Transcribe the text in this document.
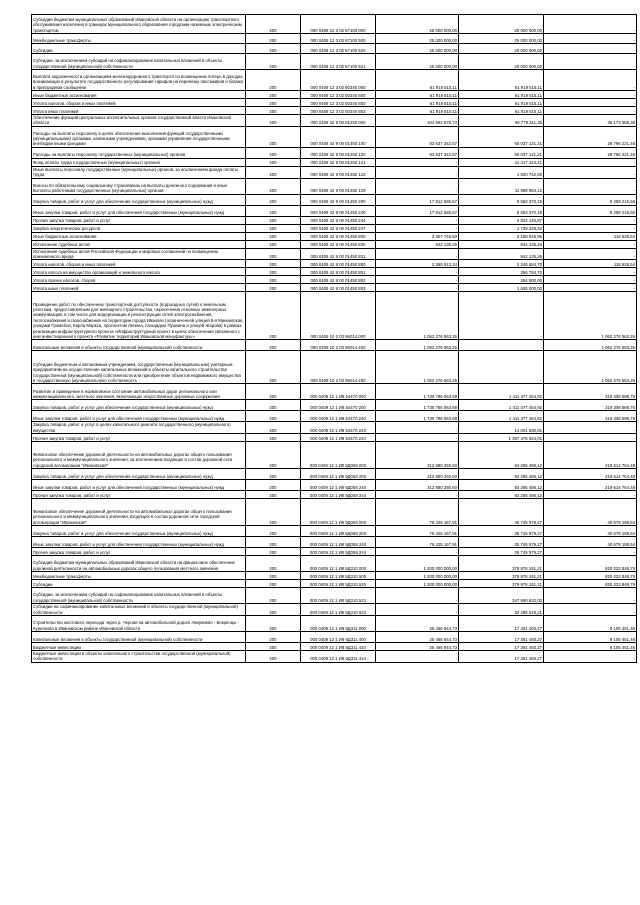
Субсидии бюджетам муниципальных образований Ивановской области на организацию транспортного обслуживания населения в границах муниципального образования городским наземным электрическим транспортом	200	000 0408 12 3 02 67100 000	25 000 000,00	25 000 000,00	-
Межбюджетные трансферты	200	000 0408 12 3 02 67100 500	25 000 000,00	25 000 000,00	-
Субсидии	200	000 0408 12 3 02 67100 520	25 000 000,00	25 000 000,00	-
Субсидии, за исключением субсидий на софинансирование капитальных вложений в объекты государственной (муниципальной) собственности	200	000 0408 12 3 02 67100 521	25 000 000,00	25 000 000,00	-
Выплата задолженности организациям железнодорожного транспорта по возмещению потерь в доходах, возникающих в результате государственного регулирования тарифов на перевозку пассажиров и багажа в пригородном сообщении	200	000 0408 12 3 02 60340 000	61 919 515,11	61 919 515,11	-
Иные бюджетные ассигнования	200	000 0408 12 3 02 60340 800	61 919 515,11	61 919 515,11	-
Уплата налогов, сборов и иных платежей	200	000 0408 12 3 02 60340 850	61 919 515,11	61 919 515,11	-
Уплата иных платежей	200	000 0408 12 3 02 60340 853	61 919 515,11	61 919 515,11	-
Обеспечение функций центральных исполнительных органов государственной власти Ивановской области	200	000 0408 42 9 00 01450 000	104 952 676,74	68 779 311,36	36 173 365,38
Расходы на выплаты персоналу в целях обеспечения выполнения функций государственными (муниципальными) органами, казенными учреждениями, органами управления государственными внебюджетными фондами	200	000 0408 42 9 00 01450 100	83 637 342,67	55 037 121,21	28 796 221,46
Расходы на выплаты персоналу государственных (муниципальных) органов	200	000 0408 42 9 00 01450 120	83 637 342,67	55 037 121,21	28 796 221,46
Фонд оплаты труда государственных (муниципальных) органов	200	000 0408 42 9 00 01450 121	-	41 417 424,41	-
Иные выплаты персоналу государственных (муниципальных) органов, за исключением фонда оплаты труда	200	000 0408 42 9 00 01450 122	-	1 620 742,56	-
Взносы по обязательному социальному страхованию на выплаты денежного содержания и иные выплаты работникам государственных (муниципальных) органов	200	000 0408 42 9 00 01450 129	-	11 998 954,12	-
Закупка товаров, работ и услуг для обеспечения государственных (муниципальных) нужд	200	000 0408 42 9 00 01450 200	17 812 585,57	8 553 370,19	9 259 215,58
Иные закупки товаров, работ и услуг для обеспечения государственных (муниципальных) нужд	200	000 0408 42 9 00 01450 240	17 812 585,57	8 553 370,19	9 259 215,58
Прочая закупка товаров, работ и услуг	200	000 0408 42 9 00 01450 244	-	6 824 140,87	-
Закупка энергетических ресурсов	200	000 0408 42 9 00 01450 247	-	1 729 229,32	-
Иные бюджетные ассигнования	200	000 0408 42 9 00 01450 800	3 307 748,50	3 188 819,96	118 928,54
Исполнение судебных актов	200	000 0408 42 9 00 01450 830	942 135,26	942 135,26	-
Исполнение судебных актов Российской Федерации и мировых соглашений по возмещению причиненного вреда	200	000 0408 42 9 00 01450 831	-	942 135,26	-
Уплата налогов, сборов и иных платежей	200	000 0408 42 9 00 01450 850	2 365 613,24	2 246 684,70	118 928,54
Уплата налога на имущество организаций и земельного налога	200	000 0408 42 9 00 01450 851	-	356 784,70	-
Уплата прочих налогов, сборов	200	000 0408 42 9 00 01450 852	-	254 900,00	-
Уплата иных платежей	200	000 0408 42 9 00 01450 853	-	1 635 000,00	-
Проведение работ по обеспечению транспортной доступности (подъездных путей) к земельным участкам, предоставленным для жилищного строительства, пересечения основных инженерных коммуникаций, в том числе для модернизации и реконструкции сетей электроснабжения, теплоснабжения и газоснабжения на территории города Иваново (ограниченной улицей 8-я Минеевская, улицами Громобоя, Карла Маркса, проспектом Ленина, площадью Пушкина и улицей Жарова) в рамках реализации инфраструктурного проекта «Инфраструктурный проект в целях обеспечения связанного с ним инвестиционного проекта «Развитие территорий Ивановской мануфактуры»	200	000 0409 10 2 03 96014 000	1 062 276 563,26	-	1 062 276 563,26
Капитальные вложения в объекты государственной (муниципальной) собственности	200	000 0409 10 2 03 96014 400	1 062 276 563,26	-	1 062 276 563,26
Субсидии бюджетным и автономным учреждениям, государственным (муниципальным) унитарным предприятиям на осуществление капитальных вложений в объекты капитального строительства государственной (муниципальной) собственности или приобретение объектов недвижимого имущества в государственную (муниципальную) собственность	200	000 0409 10 2 03 96014 460	1 062 276 563,26	-	1 062 276 563,26
Развитие и приведение в нормативное состояние автомобильных дорог регионального или межмуниципального, местного значения, включающих искусственные дорожные сооружения	200	000 0409 12 1 И8 54470 000	1 730 786 063,68	1 411 477 454,92	319 308 588,76
Закупка товаров, работ и услуг для обеспечения государственных (муниципальных) нужд	200	000 0409 12 1 И8 54470 200	1 730 786 063,68	1 411 477 454,92	319 308 588,76
Иные закупки товаров, работ и услуг для обеспечения государственных (муниципальных) нужд	200	000 0409 12 1 И8 54470 240	1 730 786 063,68	1 411 477 454,92	319 308 588,76
Закупка товаров, работ и услуг в целях капитального ремонта государственного (муниципального) имущества	200	000 0409 12 1 И8 54470 243	-	14 001 530,91	-
Прочая закупка товаров, работ и услуг	200	000 0409 12 1 И8 54470 244	-	1 397 475 924,01	-
Финансовое обеспечение дорожной деятельности на автомобильных дорогах общего пользования регионального и межмуниципального значения, за исключением входящих в состав дорожной сети городской агломерации "Ивановская"	200	000 0409 12 1 И8 9Д058 000	312 880 250,60	93 265 486,12	219 614 764,48
Закупка товаров, работ и услуг для обеспечения государственных (муниципальных) нужд	200	000 0409 12 1 И8 9Д058 200	312 880 250,60	93 265 486,12	219 614 764,48
Иные закупки товаров, работ и услуг для обеспечения государственных (муниципальных) нужд	200	000 0409 12 1 И8 9Д058 240	312 880 250,60	93 265 486,12	219 614 764,48
Прочая закупка товаров, работ и услуг	200	000 0409 12 1 И8 9Д058 244	-	93 265 486,12	-
Финансовое обеспечение дорожной деятельности на автомобильных дорогах общего пользования регионального и межмуниципального значения, входящих в состав дорожной сети городской агломерации "Ивановская"	200	000 0409 12 1 И8 9Д059 000	76 425 167,91	35 745 979,27	40 679 188,64
Закупка товаров, работ и услуг для обеспечения государственных (муниципальных) нужд	200	000 0409 12 1 И8 9Д059 200	76 425 167,91	35 745 979,27	40 679 188,64
Иные закупки товаров, работ и услуг для обеспечения государственных (муниципальных) нужд	200	000 0409 12 1 И8 9Д059 240	76 425 167,91	35 745 979,27	40 679 188,64
Прочая закупка товаров, работ и услуг	200	000 0409 12 1 И8 9Д059 244	-	35 745 979,27	-
Субсидии бюджетам муниципальных образований Ивановской области на финансовое обеспечение дорожной деятельности на автомобильных дорогах общего пользования местного значения	200	000 0409 12 1 И8 9Д310 000	1 200 000 000,00	379 976 151,21	820 023 848,79
Межбюджетные трансферты	200	000 0409 12 1 И8 9Д310 500	1 200 000 000,00	379 976 151,21	820 023 848,79
Субсидии	200	000 0409 12 1 И8 9Д310 520	1 200 000 000,00	379 976 151,21	820 023 848,79
Субсидии, за исключением субсидий на софинансирование капитальных вложений в объекты государственной (муниципальной) собственности	200	000 0409 12 1 И8 9Д310 521	-	347 690 632,00	-
Субсидии на софинансирование капитальных вложений в объекты государственной (муниципальной) собственности	200	000 0409 12 1 И8 9Д310 522	-	32 285 519,21	-
Строительство мостового перехода через р. Черная на автомобильной дороге Аверкиево - Бекренцы - Курилково в Ивановском районе Ивановской области	200	000 0409 12 1 И8 9Д311 000	25 466 944,73	17 361 493,27	8 105 451,46
Капитальные вложения в объекты государственной (муниципальной) собственности	200	000 0409 12 1 И8 9Д311 400	25 466 944,73	17 361 493,27	8 105 451,46
Бюджетные инвестиции	200	000 0409 12 1 И8 9Д311 410	25 466 944,73	17 361 493,27	8 105 451,46
Бюджетные инвестиции в объекты капитального строительства государственной (муниципальной) собственности	200	000 0409 12 1 И8 9Д311 414	-	17 361 493,27	-
